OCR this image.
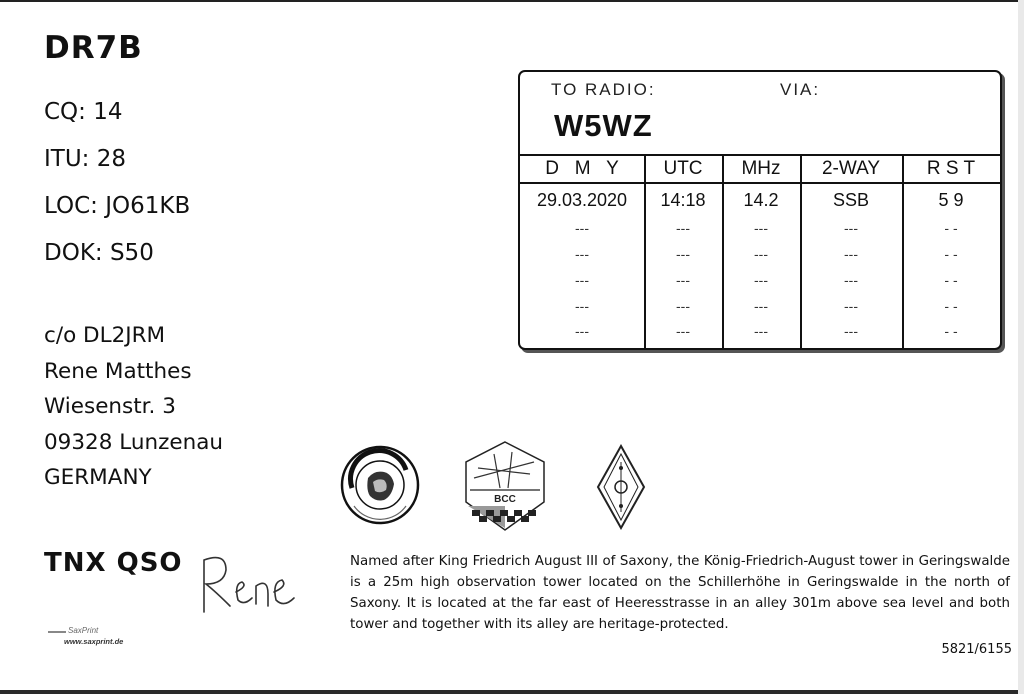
DR7B
CQ: 14
ITU: 28
LOC: JO61KB
DOK: S50
c/o DL2JRM
Rene Matthes
Wiesenstr. 3
09328 Lunzenau
GERMANY
TO RADIO:	VIA:
W5WZ
D   M   Y	UTC	MHz	2-WAY	R S T
29.03.2020	14:18	14.2	SSB	5 9
---	---	---	---	- -
---	---	---	---	- -
---	---	---	---	- -
---	---	---	---	- -
---	---	---	---	- -
BCC
TNX QSO
SaxPrint
www.saxprint.de
Named after King Friedrich August III of Saxony, the König-Friedrich-August tower in Geringswalde is a 25m high observation tower located on the Schillerhöhe in Geringswalde in the north of Saxony. It is located at the far east of Heeresstrasse in an alley 301m above sea level and both tower and together with its alley are heritage-protected.
5821/6155
